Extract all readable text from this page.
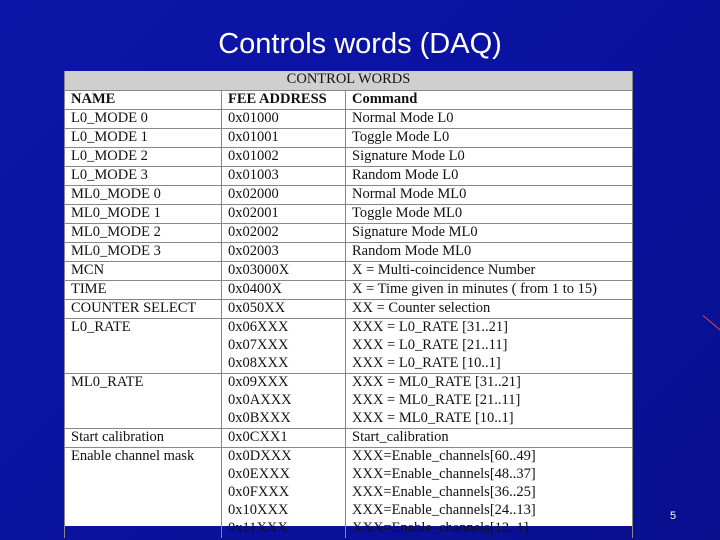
Controls words (DAQ)
CONTROL WORDS		
NAME	FEE ADDRESS	Command
L0_MODE 0	0x01000	Normal Mode L0
L0_MODE 1	0x01001	Toggle Mode L0
L0_MODE 2	0x01002	Signature Mode L0
L0_MODE 3	0x01003	Random Mode L0
ML0_MODE 0	0x02000	Normal Mode ML0
ML0_MODE 1	0x02001	Toggle Mode ML0
ML0_MODE 2	0x02002	Signature Mode ML0
ML0_MODE 3	0x02003	Random Mode ML0
MCN	0x03000X	X = Multi-coincidence Number
TIME	0x0400X	X = Time given in minutes ( from 1 to 15)
COUNTER SELECT	0x050XX	XX = Counter selection
L0_RATE	0x06XXX	XXX = L0_RATE [31..21]
	0x07XXX	XXX = L0_RATE [21..11]
	0x08XXX	XXX = L0_RATE [10..1]
ML0_RATE	0x09XXX	XXX = ML0_RATE [31..21]
	0x0AXXX	XXX = ML0_RATE [21..11]
	0x0BXXX	XXX = ML0_RATE [10..1]
Start calibration	0x0CXX1	Start_calibration
Enable channel mask	0x0DXXX	XXX=Enable_channels[60..49]
	0x0EXXX	XXX=Enable_channels[48..37]
	0x0FXXX	XXX=Enable_channels[36..25]
	0x10XXX	XXX=Enable_channels[24..13]
	0x11XXX	XXX=Enable_channels[12..1]
5
